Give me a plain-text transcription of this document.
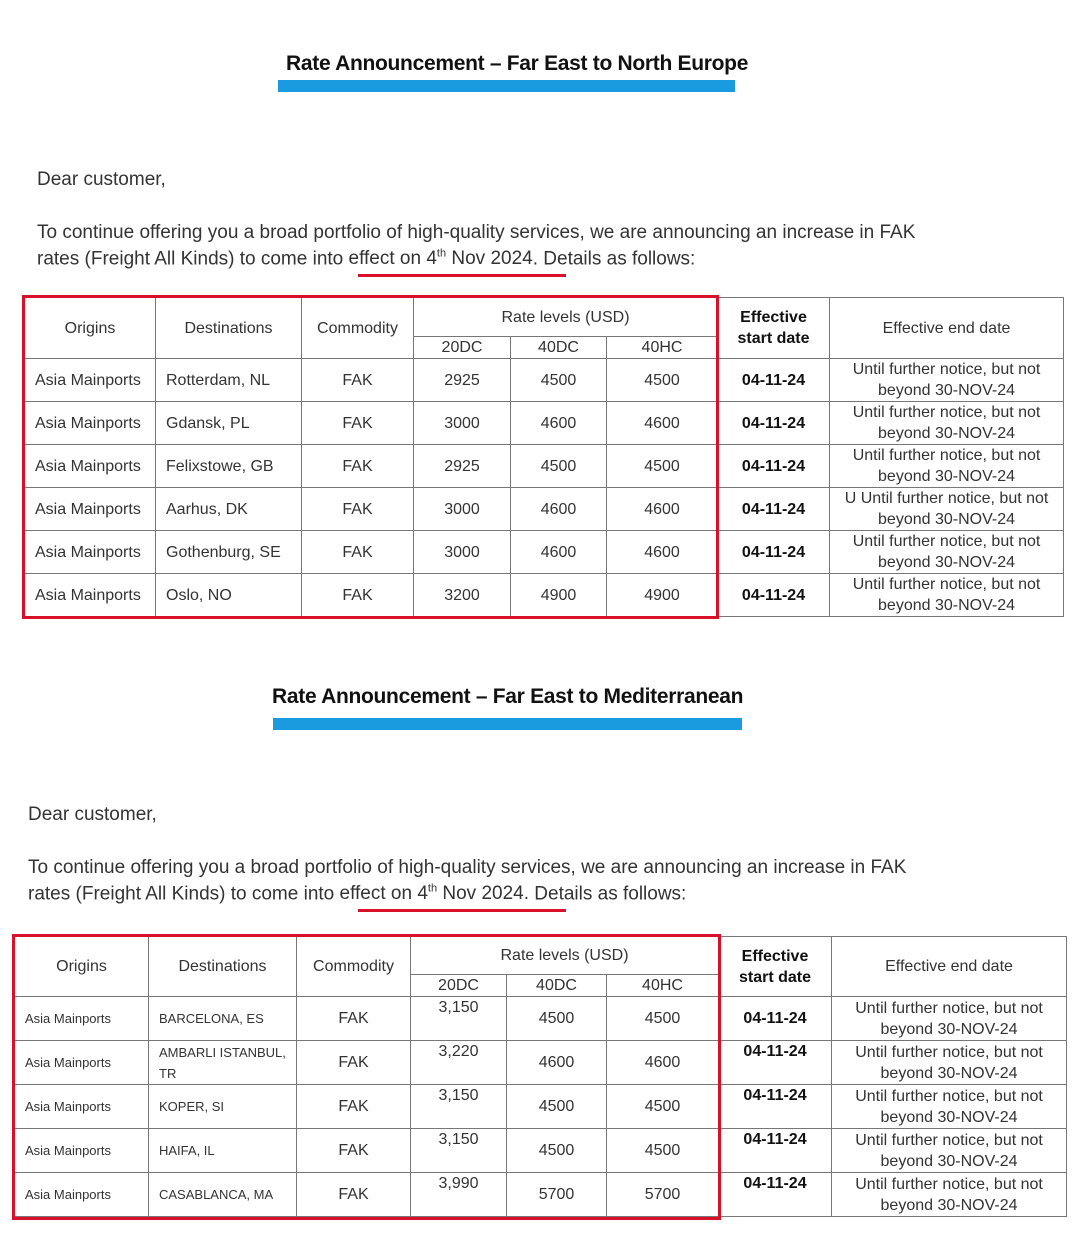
Rate Announcement – Far East to North Europe
Dear customer,
To continue offering you a broad portfolio of high-quality services, we are announcing an increase in FAK
rates (Freight All Kinds) to come into effect on 4th Nov 2024. Details as follows:
Origins	Destinations	Commodity	Rate levels (USD)			Effective start date	Effective end date
			20DC	40DC	40HC		
Asia Mainports	Rotterdam, NL	FAK	2925	4500	4500	04-11-24	Until further notice, but not beyond 30-NOV-24
Asia Mainports	Gdansk, PL	FAK	3000	4600	4600	04-11-24	Until further notice, but not beyond 30-NOV-24
Asia Mainports	Felixstowe, GB	FAK	2925	4500	4500	04-11-24	Until further notice, but not beyond 30-NOV-24
Asia Mainports	Aarhus, DK	FAK	3000	4600	4600	04-11-24	U Until further notice, but not beyond 30-NOV-24
Asia Mainports	Gothenburg, SE	FAK	3000	4600	4600	04-11-24	Until further notice, but not beyond 30-NOV-24
Asia Mainports	Oslo, NO	FAK	3200	4900	4900	04-11-24	Until further notice, but not beyond 30-NOV-24
Rate Announcement – Far East to Mediterranean
Dear customer,
To continue offering you a broad portfolio of high-quality services, we are announcing an increase in FAK
rates (Freight All Kinds) to come into effect on 4th Nov 2024. Details as follows:
Origins	Destinations	Commodity	Rate levels (USD)			Effective start date	Effective end date
			20DC	40DC	40HC		
Asia Mainports	BARCELONA, ES	FAK	3,150	4500	4500	04-11-24	Until further notice, but not beyond 30-NOV-24
Asia Mainports	AMBARLI ISTANBUL, TR	FAK	3,220	4600	4600	04-11-24	Until further notice, but not beyond 30-NOV-24
Asia Mainports	KOPER, SI	FAK	3,150	4500	4500	04-11-24	Until further notice, but not beyond 30-NOV-24
Asia Mainports	HAIFA, IL	FAK	3,150	4500	4500	04-11-24	Until further notice, but not beyond 30-NOV-24
Asia Mainports	CASABLANCA, MA	FAK	3,990	5700	5700	04-11-24	Until further notice, but not beyond 30-NOV-24
